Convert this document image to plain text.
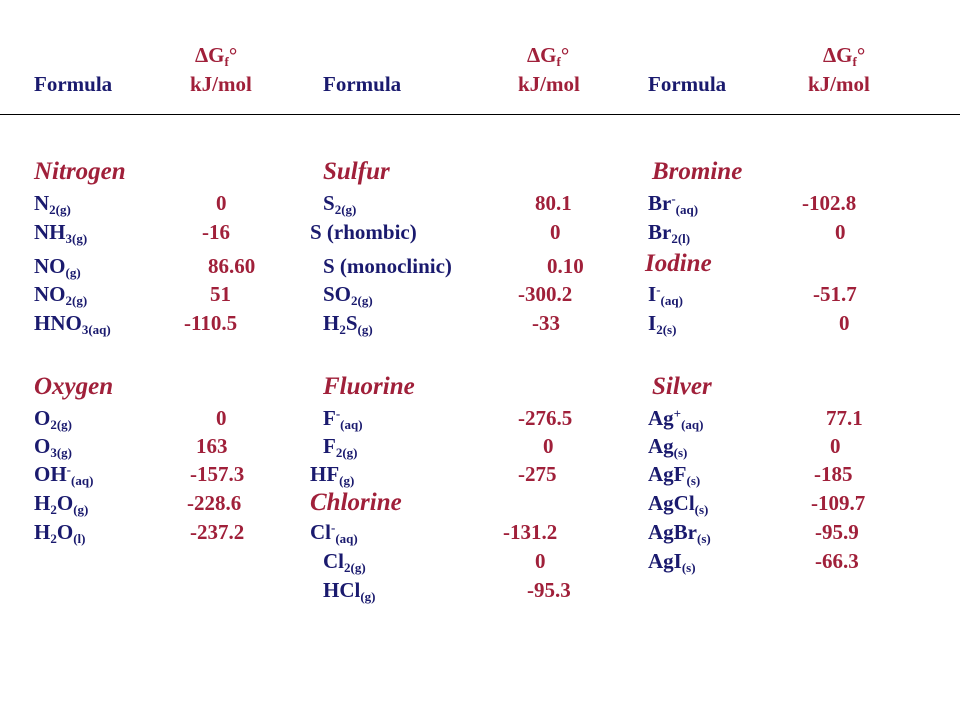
$\Delta G_f^\circ$
Formula	kJ/mol
$\Delta G_f^\circ$
Formula	kJ/mol
$\Delta G_f^\circ$
Formula	kJ/mol
Nitrogen
$N_{2(g)}$	0
$NH_{3(g)}$	-16
$NO_{(g)}$	86.60
$NO_{2(g)}$	51
$HNO_{3(aq)}$	-110.5
Oxygen
$O_{2(g)}$	0
$O_{3(g)}$	163
$OH^-_{(aq)}$	-157.3
$H_2O_{(g)}$	-228.6
$H_2O_{(l)}$	-237.2
Sulfur
$S_{2(g)}$	80.1
S (rhombic)	0
S (monoclinic)	0.10
$SO_{2(g)}$	-300.2
$H_2S_{(g)}$	-33
Fluorine
$F^-_{(aq)}$	-276.5
$F_{2(g)}$	0
$HF_{(g)}$	-275
Chlorine
$Cl^-_{(aq)}$	-131.2
$Cl_{2(g)}$	0
HCl$_{(g)}$	-95.3
Bromine
$Br^-_{(aq)}$	-102.8
$Br_{2(l)}$	0
Iodine
$I^-_{(aq)}$	-51.7
$I_{2(s)}$	0
Silver
$Ag^+_{(aq)}$	77.1
$Ag_{(s)}$	0
AgF$_{(s)}$	-185
AgCl$_{(s)}$	-109.7
AgBr$_{(s)}$	-95.9
AgI$_{(s)}$	-66.3
